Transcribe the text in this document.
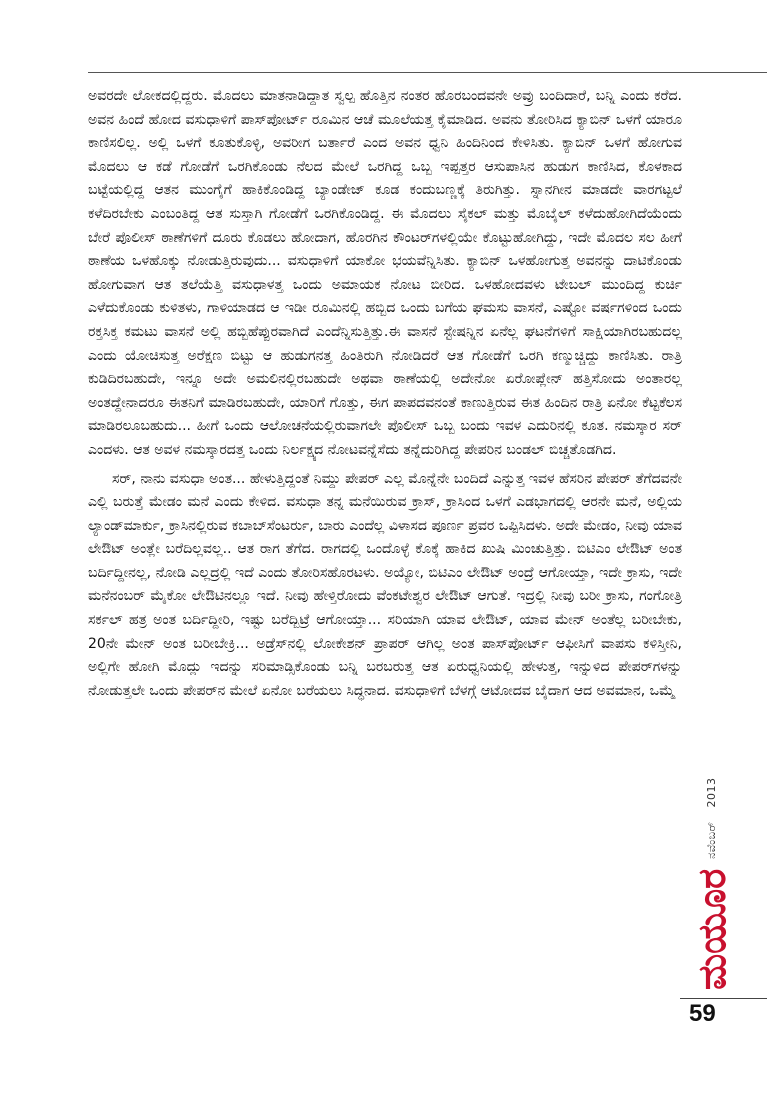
ಅವರದೇ ಲೋಕದಲ್ಲಿದ್ದರು. ಮೊದಲು ಮಾತನಾಡಿದ್ದಾತ ಸ್ವಲ್ಪ ಹೊತ್ತಿನ ನಂತರ ಹೊರಬಂದವನೇ ಅವ್ರು ಬಂದಿದಾರೆ, ಬನ್ನಿ ಎಂದು ಕರೆದ. ಅವನ ಹಿಂದೆ ಹೋದ ವಸುಧಾಳಿಗೆ ಪಾಸ್‌ಪೋರ್ಟ್ ರೂಮಿನ ಆಚೆ ಮೂಲೆಯತ್ತ ಕೈಮಾಡಿದ. ಅವನು ತೋರಿಸಿದ ಕ್ಯಾಬಿನ್ ಒಳಗೆ ಯಾರೂ ಕಾಣಿಸಲಿಲ್ಲ. ಅಲ್ಲಿ ಒಳಗೆ ಕೂತುಕೊಳ್ಳಿ, ಅವರೀಗ ಬರ್ತಾರೆ ಎಂದ ಅವನ ಧ್ವನಿ ಹಿಂದಿನಿಂದ ಕೇಳಿಸಿತು. ಕ್ಯಾಬಿನ್ ಒಳಗೆ ಹೋಗುವ ಮೊದಲು ಆ ಕಡೆ ಗೋಡೆಗೆ ಒರಗಿಕೊಂಡು ನೆಲದ ಮೇಲೆ ಒರಗಿದ್ದ ಒಬ್ಬ ಇಪ್ಪತ್ತರ ಆಸುಪಾಸಿನ ಹುಡುಗ ಕಾಣಿಸಿದ, ಕೊಳಕಾದ ಬಟ್ಟೆಯಲ್ಲಿದ್ದ ಆತನ ಮುಂಗೈಗೆ ಹಾಕಿಕೊಂಡಿದ್ದ ಬ್ಯಾಂಡೇಜ್ ಕೂಡ ಕಂದುಬಣ್ಣಕ್ಕೆ ತಿರುಗಿತ್ತು. ಸ್ನಾನಗೀನ ಮಾಡದೇ ವಾರಗಟ್ಟಲೆ ಕಳೆದಿರಬೇಕು ಎಂಬಂತಿದ್ದ ಆತ ಸುಸ್ತಾಗಿ ಗೋಡೆಗೆ ಒರಗಿಕೊಂಡಿದ್ದ. ಈ ಮೊದಲು ಸೈಕಲ್ ಮತ್ತು ಮೊಬೈಲ್ ಕಳೆದುಹೋಗಿದೆಯೆಂದು ಬೇರೆ ಪೊಲೀಸ್ ಠಾಣೆಗಳಿಗೆ ದೂರು ಕೊಡಲು ಹೋದಾಗ, ಹೊರಗಿನ ಕೌಂಟರ್‌ಗಳಲ್ಲಿಯೇ ಕೊಟ್ಟುಹೋಗಿದ್ದು, ಇದೇ ಮೊದಲ ಸಲ ಹೀಗೆ ಠಾಣೆಯ ಒಳಹೊಕ್ಕು ನೋಡುತ್ತಿರುವುದು... ವಸುಧಾಳಿಗೆ ಯಾಕೋ ಭಯವೆನ್ನಿಸಿತು. ಕ್ಯಾಬಿನ್ ಒಳಹೋಗುತ್ತ ಅವನನ್ನು ದಾಟಿಕೊಂಡು ಹೋಗುವಾಗ ಆತ ತಲೆಯೆತ್ತಿ ವಸುಧಾಳತ್ತ ಒಂದು ಅಮಾಯಕ ನೋಟ ಬೀರಿದ. ಒಳಹೋದವಳು ಟೇಬಲ್ ಮುಂದಿದ್ದ ಕುರ್ಚಿ ಎಳೆದುಕೊಂಡು ಕುಳಿತಳು, ಗಾಳಿಯಾಡದ ಆ ಇಡೀ ರೂಮಿನಲ್ಲಿ ಹಬ್ಬಿದ ಒಂದು ಬಗೆಯ ಘಮಸು ವಾಸನೆ, ಎಷ್ಟೋ ವರ್ಷಗಳಿಂದ ಒಂದು ರಕ್ತಸಿಕ್ತ ಕಮಟು ವಾಸನೆ ಅಲ್ಲಿ ಹಬ್ಬಿಹೆಪ್ಪುರವಾಗಿದೆ ಎಂದೆನ್ನಿಸುತ್ತಿತ್ತು.ಈ ವಾಸನೆ ಸ್ಟೇಷನ್ನಿನ ಏನೆಲ್ಲ ಘಟನೆಗಳಿಗೆ ಸಾಕ್ಷಿಯಾಗಿರಬಹುದಲ್ಲ ಎಂದು ಯೋಚಿಸುತ್ತ ಅರೆಕ್ಷಣ ಬಿಟ್ಟು ಆ ಹುಡುಗನತ್ತ ಹಿಂತಿರುಗಿ ನೋಡಿದರೆ ಆತ ಗೋಡೆಗೆ ಒರಗಿ ಕಣ್ಮುಚ್ಚಿದ್ದು ಕಾಣಿಸಿತು. ರಾತ್ರಿ ಕುಡಿದಿರಬಹುದೇ, ಇನ್ನೂ ಅದೇ ಅಮಲಿನಲ್ಲಿರಬಹುದೇ ಅಥವಾ ಠಾಣೆಯಲ್ಲಿ ಅದೇನೋ ಏರೋಪ್ಲೇನ್ ಹತ್ತಿಸೋದು ಅಂತಾರಲ್ಲ ಅಂತದ್ದೇನಾದರೂ ಈತನಿಗೆ ಮಾಡಿರಬಹುದೇ, ಯಾರಿಗೆ ಗೊತ್ತು, ಈಗ ಪಾಪದವನಂತೆ ಕಾಣುತ್ತಿರುವ ಈತ ಹಿಂದಿನ ರಾತ್ರಿ ಏನೋ ಕೆಟ್ಟಕೆಲಸ ಮಾಡಿರಲೂಬಹುದು... ಹೀಗೆ ಒಂದು ಆಲೋಚನೆಯಲ್ಲಿರುವಾಗಲೇ ಪೊಲೀಸ್ ಒಬ್ಬ ಬಂದು ಇವಳ ಎದುರಿನಲ್ಲಿ ಕೂತ. ನಮಸ್ಕಾರ ಸರ್ ಎಂದಳು. ಆತ ಅವಳ ನಮಸ್ಕಾರದತ್ತ ಒಂದು ನಿರ್ಲಕ್ಷ್ಯದ ನೋಟವನ್ನೆಸೆದು ತನ್ನೆದುರಿಗಿದ್ದ ಪೇಪರಿನ ಬಂಡಲ್ ಬಿಚ್ಚತೊಡಗಿದ.

ಸರ್, ನಾನು ವಸುಧಾ ಅಂತ... ಹೇಳುತ್ತಿದ್ದಂತೆ ನಿಮ್ದು ಪೇಪರ್ ಎಲ್ಲ ಮೊನ್ನೆನೇ ಬಂದಿದೆ ಎನ್ನುತ್ತ ಇವಳ ಹೆಸರಿನ ಪೇಪರ್ ತೆಗೆದವನೇ ಎಲ್ಲಿ ಬರುತ್ತೆ ಮೇಡಂ ಮನೆ ಎಂದು ಕೇಳಿದ. ವಸುಧಾ ತನ್ನ ಮನೆಯಿರುವ ಕ್ರಾಸ್, ಕ್ರಾಸಿಂದ ಒಳಗೆ ಎಡಭಾಗದಲ್ಲಿ ಆರನೇ ಮನೆ, ಅಲ್ಲಿಯ ಲ್ಯಾಂಡ್‌ಮಾರ್ಕು, ಕ್ರಾಸಿನಲ್ಲಿರುವ ಕಬಾಬ್‌ಸೆಂಟರ್ರು, ಬಾರು ಎಂದೆಲ್ಲ ವಿಳಾಸದ ಪೂರ್ಣ ಪ್ರವರ ಒಪ್ಪಿಸಿದಳು. ಅದೇ ಮೇಡಂ, ನೀವು ಯಾವ ಲೇಔಟ್ ಅಂತ್ಲೇ ಬರೆದಿಲ್ಲವಲ್ಲ.. ಆತ ರಾಗ ತೆಗೆದ. ರಾಗದಲ್ಲಿ ಒಂದೊಳ್ಳೆ ಕೊಕ್ಕೆ ಹಾಕಿದ ಖುಷಿ ಮಿಂಚುತ್ತಿತ್ತು. ಬಿಟಿಎಂ ಲೇಔಟ್ ಅಂತ ಬರ್ದಿದ್ದೀನಲ್ಲ, ನೋಡಿ ಎಲ್ಲದ್ರಲ್ಲಿ ಇದೆ ಎಂದು ತೋರಿಸಹೊರಟಳು. ಅಯ್ಯೋ, ಬಿಟಿಎಂ ಲೇಔಟ್ ಅಂದ್ರೆ ಆಗೋಯ್ತಾ, ಇದೇ ಕ್ರಾಸು, ಇದೇ ಮನೆನಂಬರ್ ಮೈಕೋ ಲೇಔಟಿನಲ್ಲೂ ಇದೆ. ನೀವು ಹೇಳ್ತಿರೋದು ವೆಂಕಟೇಶ್ವರ ಲೇಔಟ್ ಆಗುತೆ. ಇದ್ರಲ್ಲಿ ನೀವು ಬರೀ ಕ್ರಾಸು, ಗಂಗೋತ್ರಿ ಸರ್ಕಲ್ ಹತ್ರ ಅಂತ ಬರ್ದಿದ್ದೀರಿ, ಇಷ್ಟು ಬರೆದ್ಬಿಟ್ರೆ ಆಗೋಯ್ತಾ... ಸರಿಯಾಗಿ ಯಾವ ಲೇಔಟ್, ಯಾವ ಮೇನ್ ಅಂತೆಲ್ಲ ಬರೀಬೇಕು, 20ನೇ ಮೇನ್ ಅಂತ ಬರೀಬೇಕ್ರಿ... ಅಡ್ರೆಸ್‌ನಲ್ಲಿ ಲೋಕೇಶನ್ ಪ್ರಾಪರ್ ಆಗಿಲ್ಲ ಅಂತ ಪಾಸ್‌ಪೋರ್ಟ್ ಆಫೀಸಿಗೆ ವಾಪಸು ಕಳಿಸ್ತೀನಿ, ಅಲ್ಲಿಗೇ ಹೋಗಿ ಮೊದ್ಲು ಇದನ್ನು ಸರಿಮಾಡ್ಸಿಕೊಂಡು ಬನ್ನಿ ಬರಬರುತ್ತ ಆತ ಏರುಧ್ವನಿಯಲ್ಲಿ ಹೇಳುತ್ತ, ಇನ್ನುಳಿದ ಪೇಪರ್‌ಗಳನ್ನು ನೋಡುತ್ತಲೇ ಒಂದು ಪೇಪರ್‌ನ ಮೇಲೆ ಏನೋ ಬರೆಯಲು ಸಿದ್ಧನಾದ. ವಸುಧಾಳಿಗೆ ಬೆಳಗ್ಗೆ ಆಟೋದವ ಬೈದಾಗ ಆದ ಅವಮಾನ, ಒಮ್ಮೆ

ಮಯೂರ
ನವೆಂಬರ್2013
59
